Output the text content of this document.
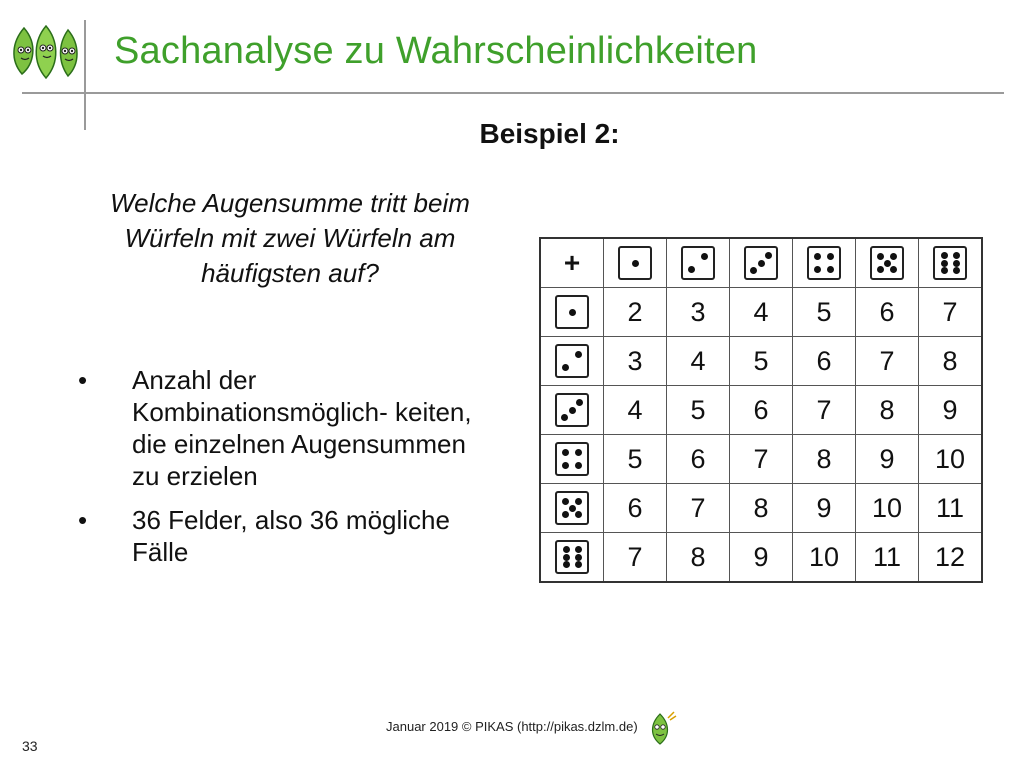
Sachanalyse zu Wahrscheinlichkeiten
Beispiel 2:
Welche Augensumme tritt beim Würfeln mit zwei Würfeln am häufigsten auf?
• Anzahl der Kombinationsmöglich- keiten, die einzelnen Augensummen zu erzielen
• 36 Felder, also 36 mögliche Fälle
+	

	2	3	4	5	6	7

	3	4	5	6	7	8

	4	5	6	7	8	9

	5	6	7	8	9	10

	6	7	8	9	10	11

	7	8	9	10	11	12
Januar 2019 © PIKAS (http://pikas.dzlm.de)
33
